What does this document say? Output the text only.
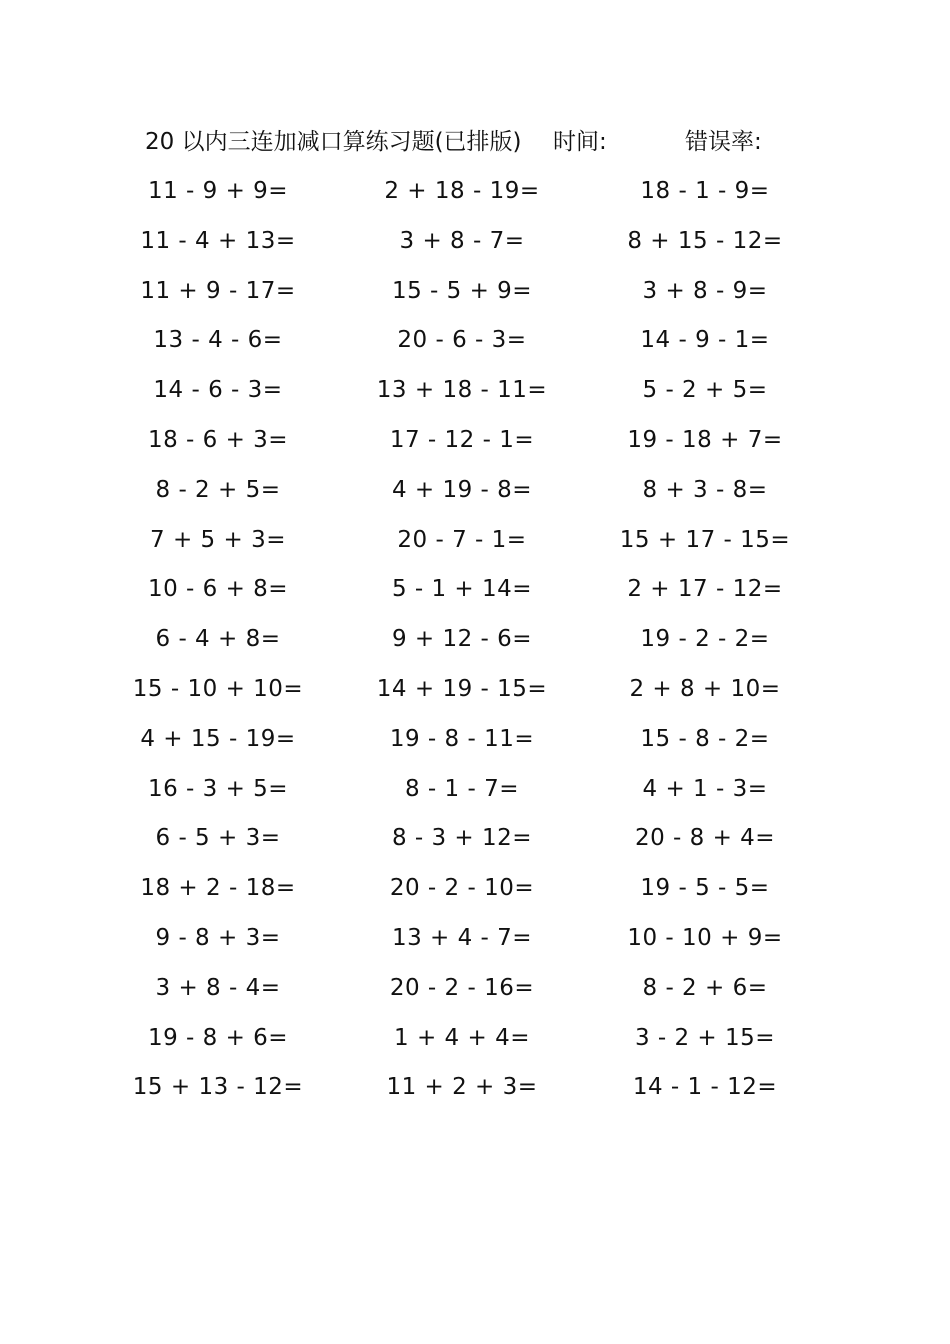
20 以内三连加减口算练习题(已排版) 时间:	错误率:
11 - 9 + 9=	2 + 18 - 19=	18 - 1 - 9=
11 - 4 + 13=	3 + 8 - 7=	8 + 15 - 12=
11 + 9 - 17=	15 - 5 + 9=	3 + 8 - 9=
13 - 4 - 6=	20 - 6 - 3=	14 - 9 - 1=
14 - 6 - 3=	13 + 18 - 11=	5 - 2 + 5=
18 - 6 + 3=	17 - 12 - 1=	19 - 18 + 7=
8 - 2 + 5=	4 + 19 - 8=	8 + 3 - 8=
7 + 5 + 3=	20 - 7 - 1=	15 + 17 - 15=
10 - 6 + 8=	5 - 1 + 14=	2 + 17 - 12=
6 - 4 + 8=	9 + 12 - 6=	19 - 2 - 2=
15 - 10 + 10=	14 + 19 - 15=	2 + 8 + 10=
4 + 15 - 19=	19 - 8 - 11=	15 - 8 - 2=
16 - 3 + 5=	8 - 1 - 7=	4 + 1 - 3=
6 - 5 + 3=	8 - 3 + 12=	20 - 8 + 4=
18 + 2 - 18=	20 - 2 - 10=	19 - 5 - 5=
9 - 8 + 3=	13 + 4 - 7=	10 - 10 + 9=
3 + 8 - 4=	20 - 2 - 16=	8 - 2 + 6=
19 - 8 + 6=	1 + 4 + 4=	3 - 2 + 15=
15 + 13 - 12=	11 + 2 + 3=	14 - 1 - 12=
